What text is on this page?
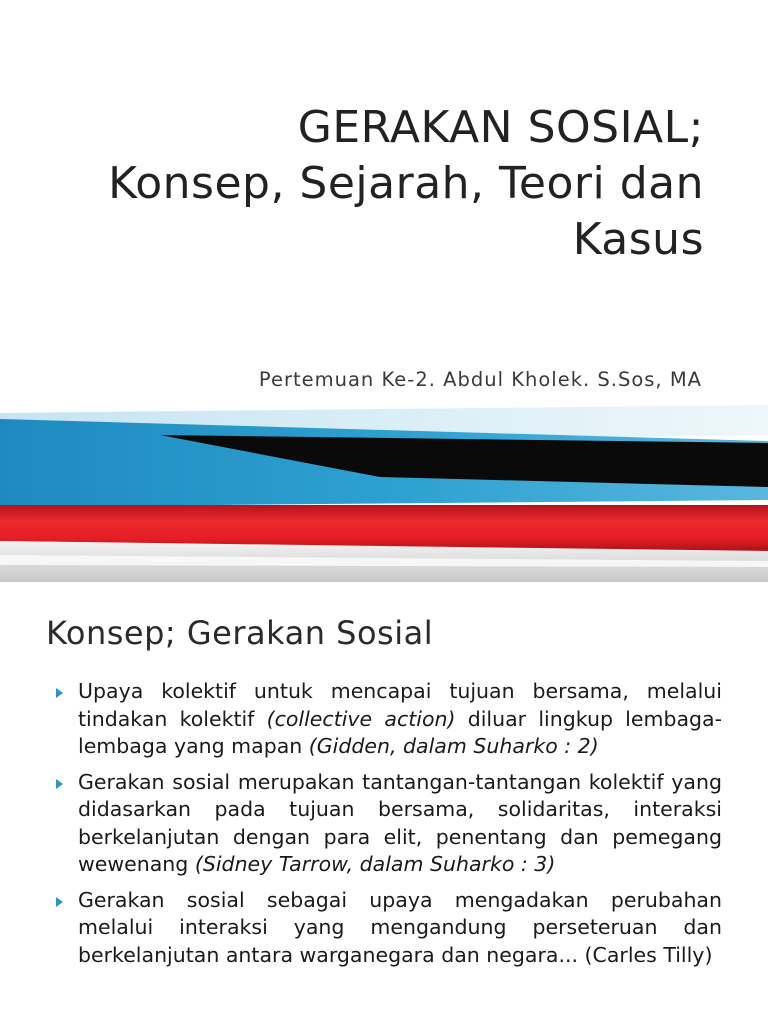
GERAKAN SOSIAL;
Konsep, Sejarah, Teori dan
Kasus

Pertemuan Ke-2. Abdul Kholek. S.Sos, MA

Konsep; Gerakan Sosial
Upaya kolektif untuk mencapai tujuan bersama, melalui tindakan kolektif (collective action) diluar lingkup lembaga-lembaga yang mapan (Gidden, dalam Suharko : 2)
Gerakan sosial merupakan tantangan-tantangan kolektif yang didasarkan pada tujuan bersama, solidaritas, interaksi berkelanjutan dengan para elit, penentang dan pemegang wewenang (Sidney Tarrow, dalam Suharko : 3)
Gerakan sosial sebagai upaya mengadakan perubahan melalui interaksi yang mengandung perseteruan dan berkelanjutan antara warganegara dan negara... (Carles Tilly)
